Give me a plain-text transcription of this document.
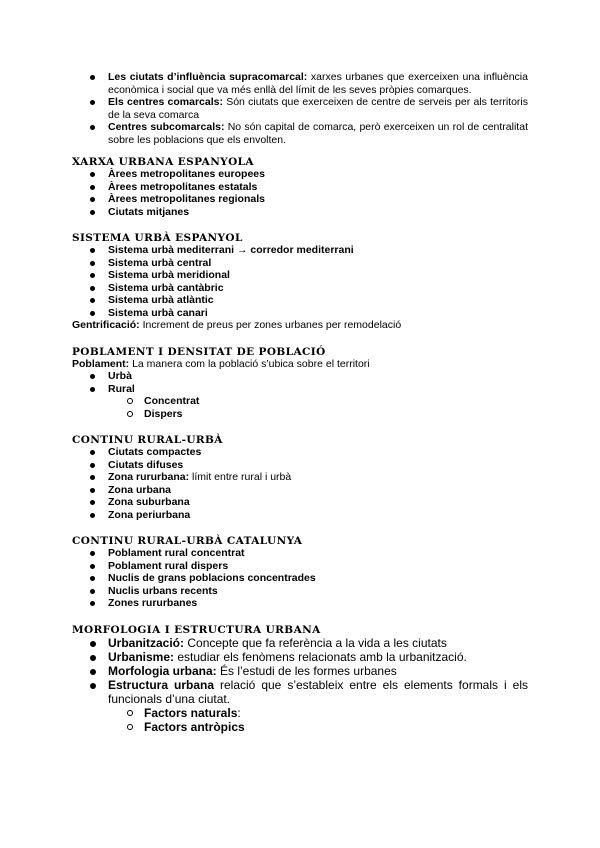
Les ciutats d’influència supracomarcal: xarxes urbanes que exerceixen una influència econòmica i social que va més enllà del límit de les seves pròpies comarques.
Els centres comarcals: Són ciutats que exerceixen de centre de serveis per als territoris de la seva comarca
Centres subcomarcals: No són capital de comarca, però exerceixen un rol de centralitat sobre les poblacions que els envolten.
XARXA URBANA ESPANYOLA
Àrees metropolitanes europees
Àrees metropolitanes estatals
Àrees metropolitanes regionals
Ciutats mitjanes
SISTEMA URBÀ ESPANYOL
Sistema urbà mediterrani → corredor mediterrani
Sistema urbà central
Sistema urbà meridional
Sistema urbà cantàbric
Sistema urbà atlàntic
Sistema urbà canari
Gentrificació: Increment de preus per zones urbanes per remodelació
POBLAMENT I DENSITAT DE POBLACIÓ
Poblament: La manera com la població s’ubica sobre el territori
Urbà
Rural
Concentrat
Dispers
CONTINU RURAL-URBÀ
Ciutats compactes
Ciutats difuses
Zona rururbana: límit entre rural i urbà
Zona urbana
Zona suburbana
Zona periurbana
CONTINU RURAL-URBÀ CATALUNYA
Poblament rural concentrat
Poblament rural dispers
Nuclis de grans poblacions concentrades
Nuclis urbans recents
Zones rururbanes
MORFOLOGIA I ESTRUCTURA URBANA
Urbanització: Concepte que fa referència a la vida a les ciutats
Urbanisme: estudiar els fenòmens relacionats amb la urbanització.
Morfologia urbana: És l’estudi de les formes urbanes
Estructura urbana relació que s’estableix entre els elements formals i els funcionals d’una ciutat.
Factors naturals:
Factors antròpics
